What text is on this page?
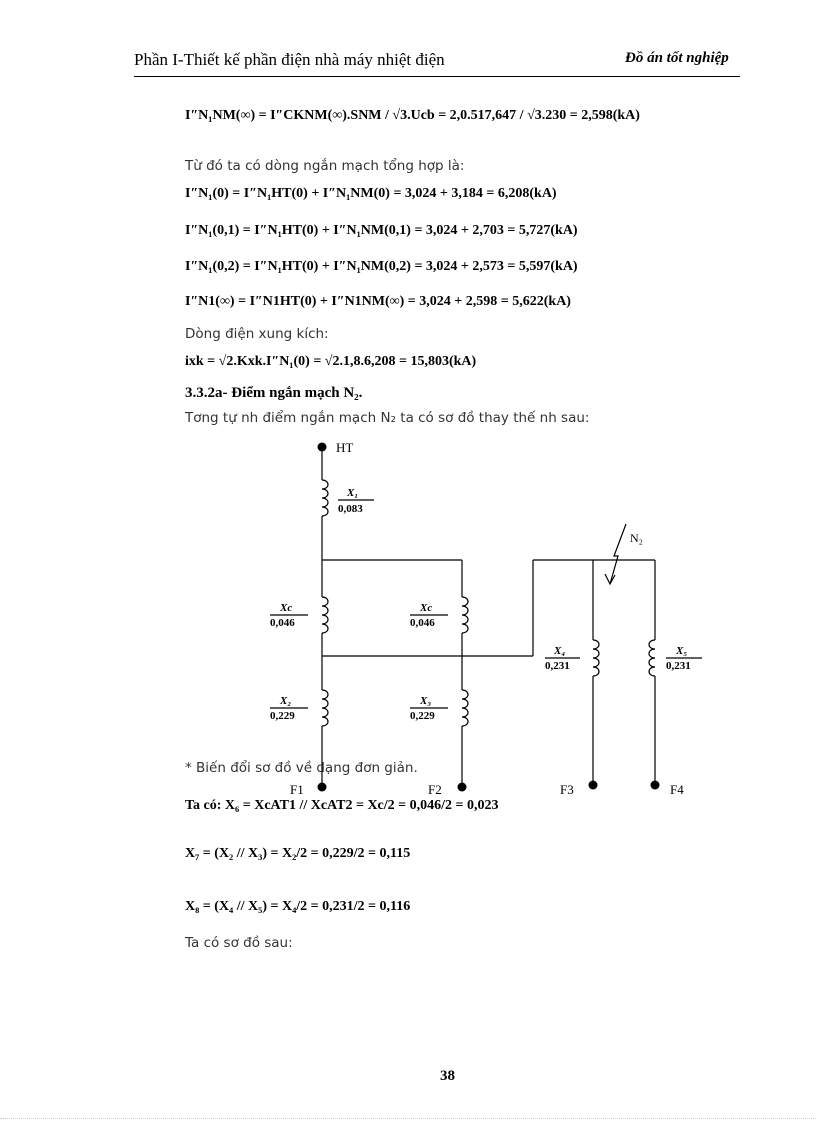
Phần I-Thiết kế phần điện nhà máy nhiệt điện	Đồ án tốt nghiệp
I″N₁NM(∞) = I″CKNM(∞).SNM / √3.Ucb = 2,0.517,647 / √3.230 = 2,598(kA)
Từ đó ta có dòng ngắn mạch tổng hợp là:
I″N₁(0) = I″N₁HT(0) + I″N₁NM(0) = 3,024 + 3,184 = 6,208(kA)
I″N₁(0,1) = I″N₁HT(0) + I″N₁NM(0,1) = 3,024 + 2,703 = 5,727(kA)
I″N₁(0,2) = I″N₁HT(0) + I″N₁NM(0,2) = 3,024 + 2,573 = 5,597(kA)
I″N1(∞) = I″N1HT(0) + I″N1NM(∞) = 3,024 + 2,598 = 5,622(kA)
Dòng điện xung kích:
ixk = √2.Kxk.I″N₁(0) = √2.1,8.6,208 = 15,803(kA)
3.3.2a- Điểm ngắn mạch N₂.
Tơng tự nh điểm ngắn mạch N₂ ta có sơ đồ thay thế nh sau:
HT
N₂
X₁
0,083
Xc
0,046
Xc
0,046
X₂
0,229
X₃
0,229
X₄
0,231
X₅
0,231
F1	F2	F3	F4
* Biến đổi sơ đồ về dạng đơn giản.
Ta có: X₆ = XcAT1 // XcAT2 = Xc/2 = 0,046/2 = 0,023
X₇ = (X₂ // X₃) = X₂/2 = 0,229/2 = 0,115
X₈ = (X₄ // X₅) = X₄/2 = 0,231/2 = 0,116
Ta có sơ đồ sau:
38
